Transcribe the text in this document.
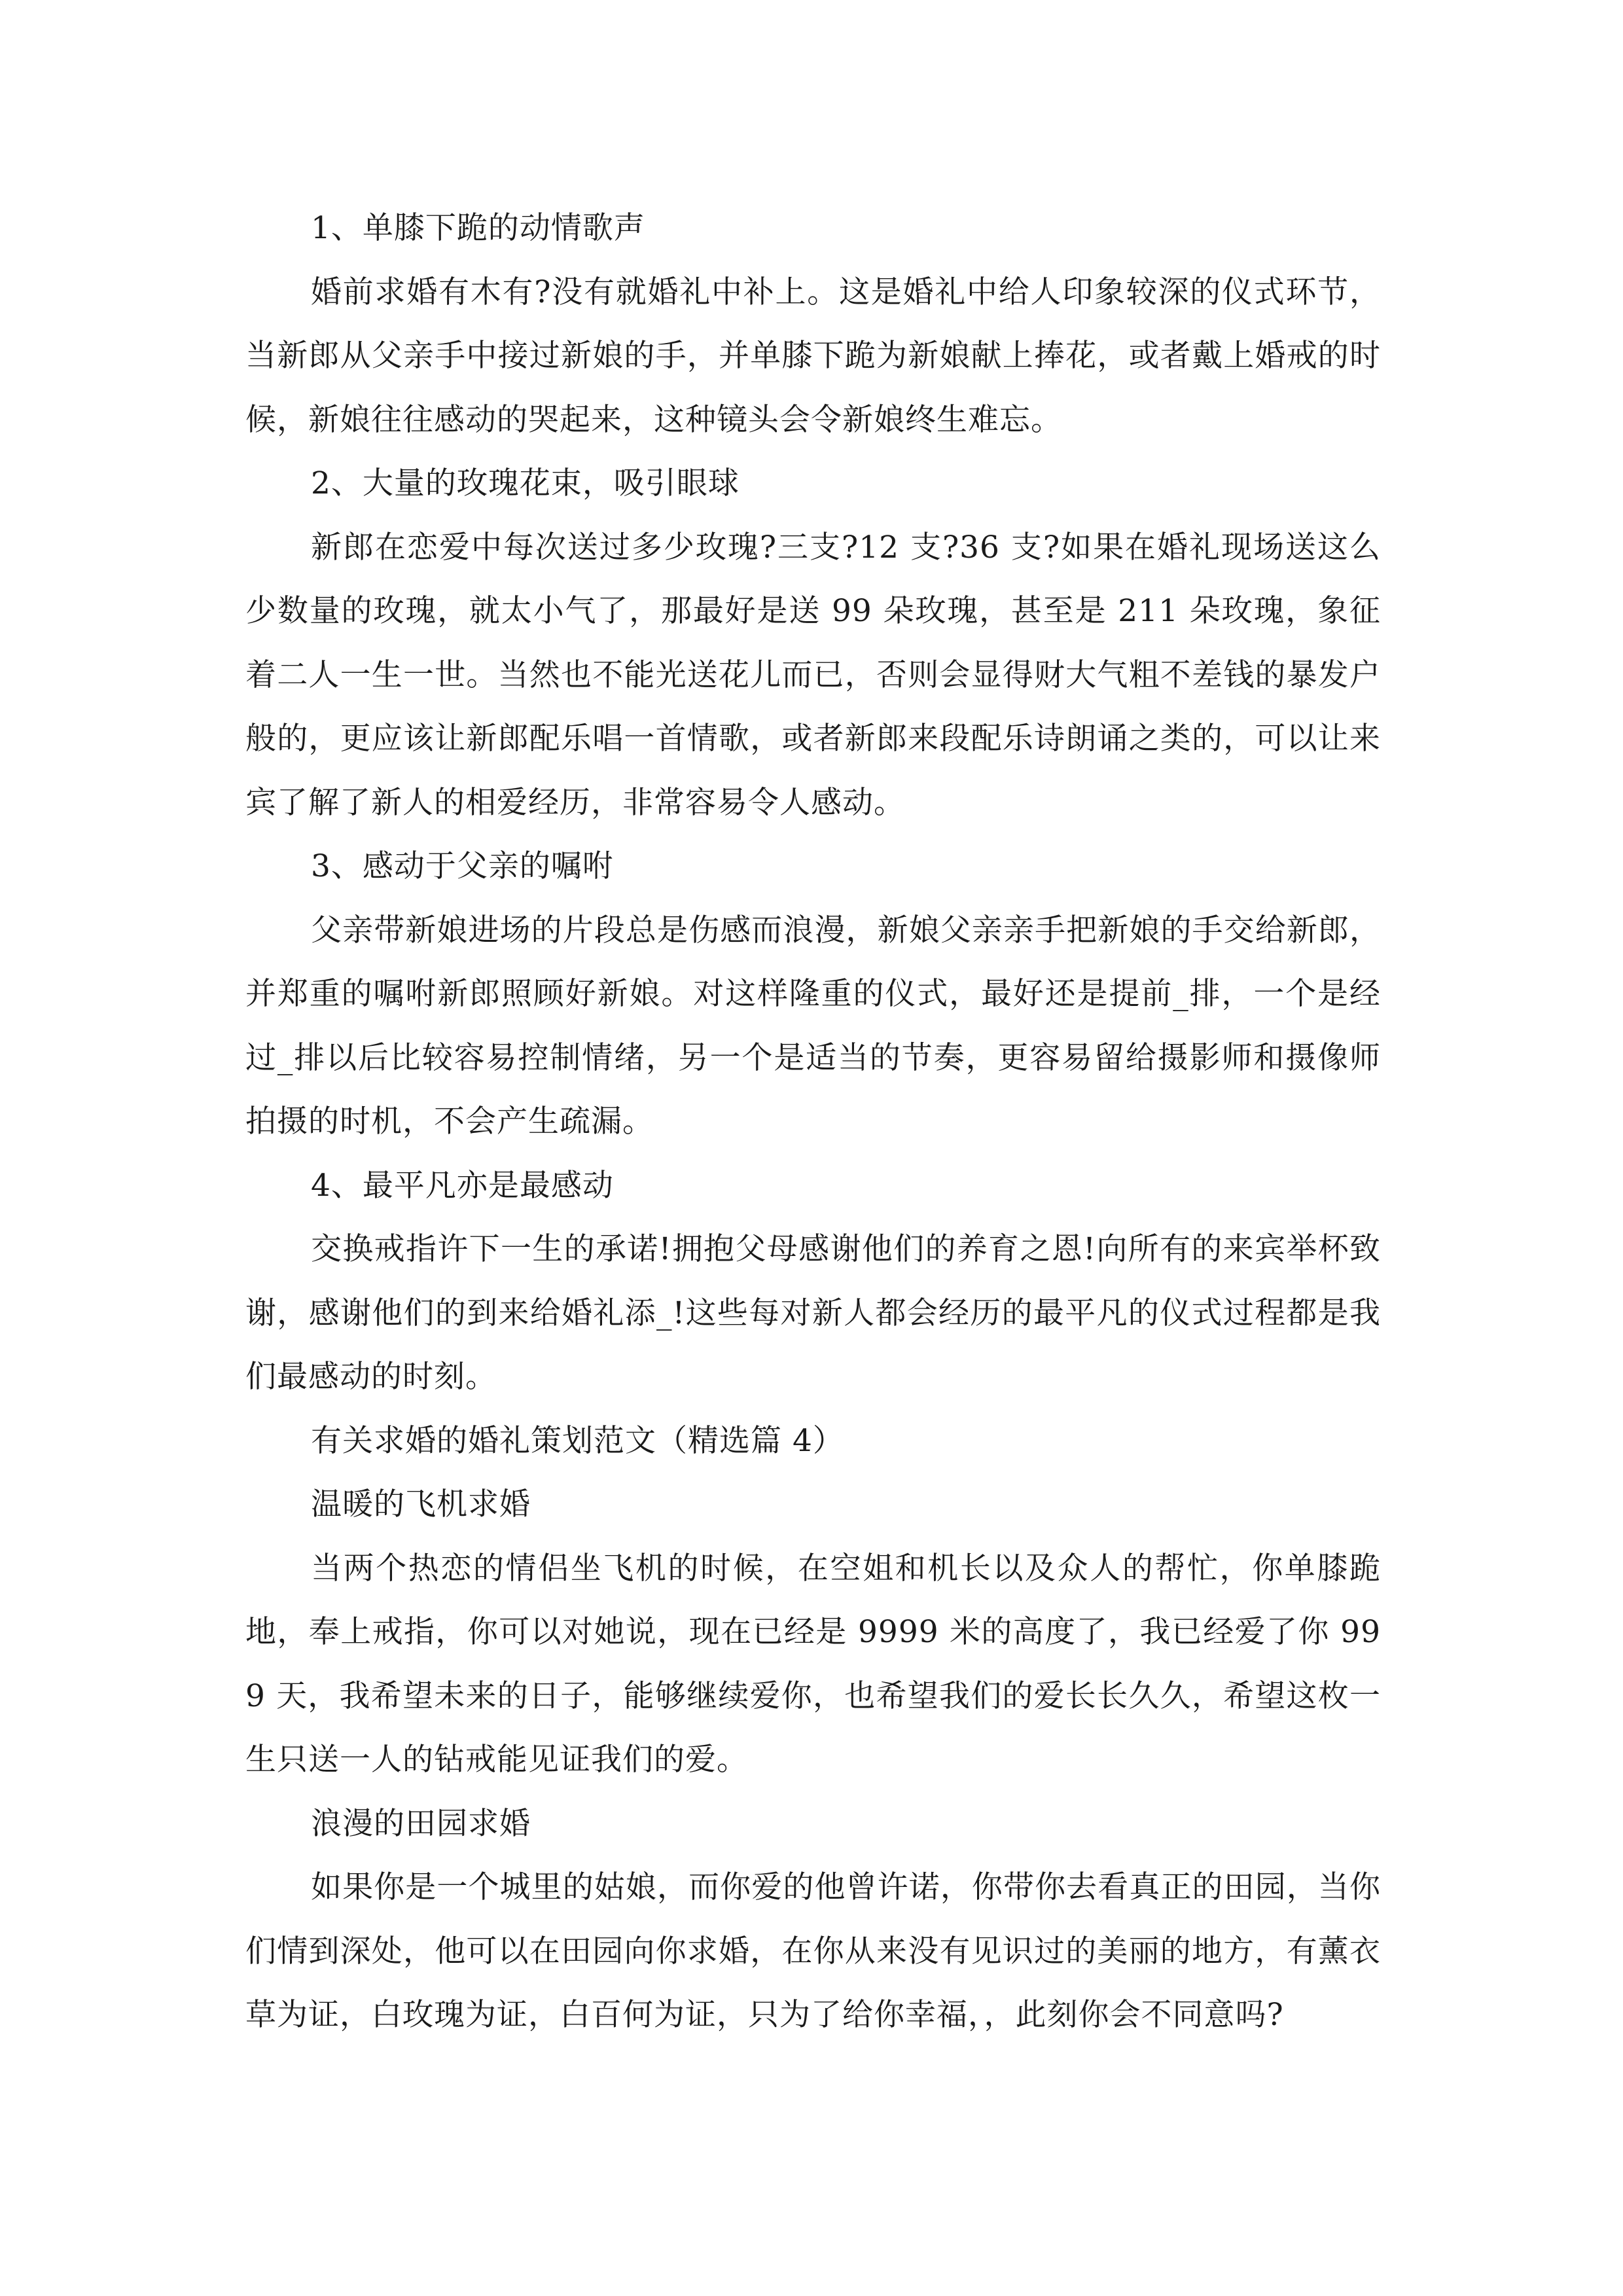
1、单膝下跪的动情歌声

婚前求婚有木有?没有就婚礼中补上。这是婚礼中给人印象较深的仪式环节，当新郎从父亲手中接过新娘的手，并单膝下跪为新娘献上捧花，或者戴上婚戒的时候，新娘往往感动的哭起来，这种镜头会令新娘终生难忘。

2、大量的玫瑰花束，吸引眼球

新郎在恋爱中每次送过多少玫瑰?三支?12 支?36 支?如果在婚礼现场送这么少数量的玫瑰，就太小气了，那最好是送 99 朵玫瑰，甚至是 211 朵玫瑰，象征着二人一生一世。当然也不能光送花儿而已，否则会显得财大气粗不差钱的暴发户般的，更应该让新郎配乐唱一首情歌，或者新郎来段配乐诗朗诵之类的，可以让来宾了解了新人的相爱经历，非常容易令人感动。

3、感动于父亲的嘱咐

父亲带新娘进场的片段总是伤感而浪漫，新娘父亲亲手把新娘的手交给新郎，并郑重的嘱咐新郎照顾好新娘。对这样隆重的仪式，最好还是提前_排，一个是经过_排以后比较容易控制情绪，另一个是适当的节奏，更容易留给摄影师和摄像师拍摄的时机，不会产生疏漏。

4、最平凡亦是最感动

交换戒指许下一生的承诺!拥抱父母感谢他们的养育之恩!向所有的来宾举杯致谢，感谢他们的到来给婚礼添_!这些每对新人都会经历的最平凡的仪式过程都是我们最感动的时刻。

有关求婚的婚礼策划范文（精选篇 4）

温暖的飞机求婚

当两个热恋的情侣坐飞机的时候，在空姐和机长以及众人的帮忙，你单膝跪地，奉上戒指，你可以对她说，现在已经是 9999 米的高度了，我已经爱了你 999 天，我希望未来的日子，能够继续爱你，也希望我们的爱长长久久，希望这枚一生只送一人的钻戒能见证我们的爱。

浪漫的田园求婚

如果你是一个城里的姑娘，而你爱的他曾许诺，你带你去看真正的田园，当你们情到深处，他可以在田园向你求婚，在你从来没有见识过的美丽的地方，有薰衣草为证，白玫瑰为证，白百何为证，只为了给你幸福，，此刻你会不同意吗?
